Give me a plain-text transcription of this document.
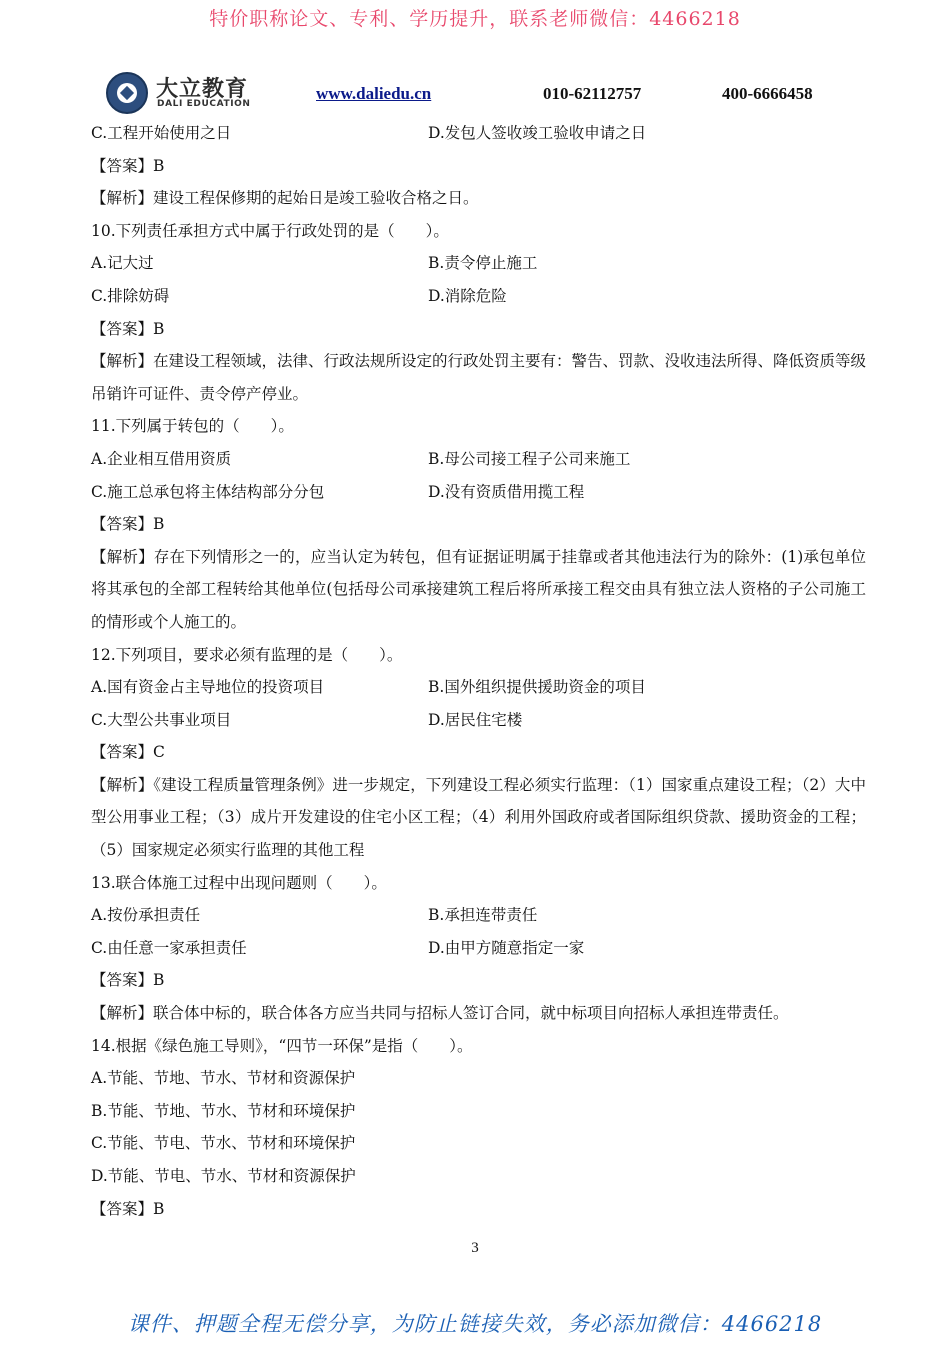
特价职称论文、专利、学历提升，联系老师微信：4466218
大立教育
DALI EDUCATION
www.daliedu.cn	010-62112757	400-6666458
C.工程开始使用之日	D.发包人签收竣工验收申请之日
【答案】B
【解析】建设工程保修期的起始日是竣工验收合格之日。
10.下列责任承担方式中属于行政处罚的是（　　）。
A.记大过	B.责令停止施工
C.排除妨碍	D.消除危险
【答案】B
【解析】在建设工程领域，法律、行政法规所设定的行政处罚主要有：警告、罚款、没收违法所得、降低资质等级吊销许可证件、责令停产停业。
11.下列属于转包的（　　）。
A.企业相互借用资质	B.母公司接工程子公司来施工
C.施工总承包将主体结构部分分包	D.没有资质借用揽工程
【答案】B
【解析】存在下列情形之一的，应当认定为转包，但有证据证明属于挂靠或者其他违法行为的除外：(1)承包单位将其承包的全部工程转给其他单位(包括母公司承接建筑工程后将所承接工程交由具有独立法人资格的子公司施工的情形或个人施工的。
12.下列项目，要求必须有监理的是（　　）。
A.国有资金占主导地位的投资项目	B.国外组织提供援助资金的项目
C.大型公共事业项目	D.居民住宅楼
【答案】C
【解析】《建设工程质量管理条例》进一步规定，下列建设工程必须实行监理：（1）国家重点建设工程；（2）大中型公用事业工程；（3）成片开发建设的住宅小区工程；（4）利用外国政府或者国际组织贷款、援助资金的工程；（5）国家规定必须实行监理的其他工程
13.联合体施工过程中出现问题则（　　）。
A.按份承担责任	B.承担连带责任
C.由任意一家承担责任	D.由甲方随意指定一家
【答案】B
【解析】联合体中标的，联合体各方应当共同与招标人签订合同，就中标项目向招标人承担连带责任。
14.根据《绿色施工导则》，“四节一环保”是指（　　）。
A.节能、节地、节水、节材和资源保护
B.节能、节地、节水、节材和环境保护
C.节能、节电、节水、节材和环境保护
D.节能、节电、节水、节材和资源保护
【答案】B
3
课件、押题全程无偿分享，为防止链接失效，务必添加微信：4466218
